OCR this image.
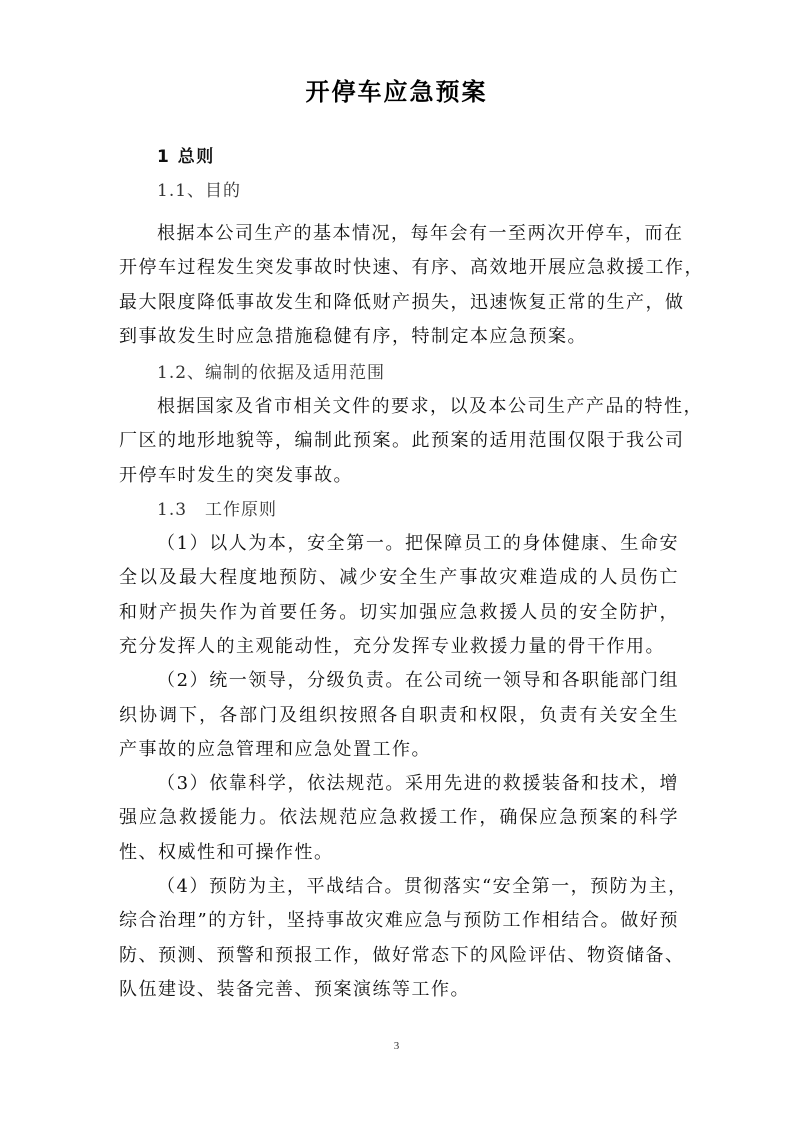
开停车应急预案
1 总则
1.1、目的
根据本公司生产的基本情况，每年会有一至两次开停车，而在
开停车过程发生突发事故时快速、有序、高效地开展应急救援工作，
最大限度降低事故发生和降低财产损失，迅速恢复正常的生产，做
到事故发生时应急措施稳健有序，特制定本应急预案。
1.2、编制的依据及适用范围
根据国家及省市相关文件的要求，以及本公司生产产品的特性，
厂区的地形地貌等，编制此预案。此预案的适用范围仅限于我公司
开停车时发生的突发事故。
1.3　工作原则
（1）以人为本，安全第一。把保障员工的身体健康、生命安
全以及最大程度地预防、减少安全生产事故灾难造成的人员伤亡
和财产损失作为首要任务。切实加强应急救援人员的安全防护，
充分发挥人的主观能动性，充分发挥专业救援力量的骨干作用。
（2）统一领导，分级负责。在公司统一领导和各职能部门组
织协调下，各部门及组织按照各自职责和权限，负责有关安全生
产事故的应急管理和应急处置工作。
（3）依靠科学，依法规范。采用先进的救援装备和技术，增
强应急救援能力。依法规范应急救援工作，确保应急预案的科学
性、权威性和可操作性。
（4）预防为主，平战结合。贯彻落实“安全第一，预防为主，
综合治理”的方针，坚持事故灾难应急与预防工作相结合。做好预
防、预测、预警和预报工作，做好常态下的风险评估、物资储备、
队伍建设、装备完善、预案演练等工作。
3
